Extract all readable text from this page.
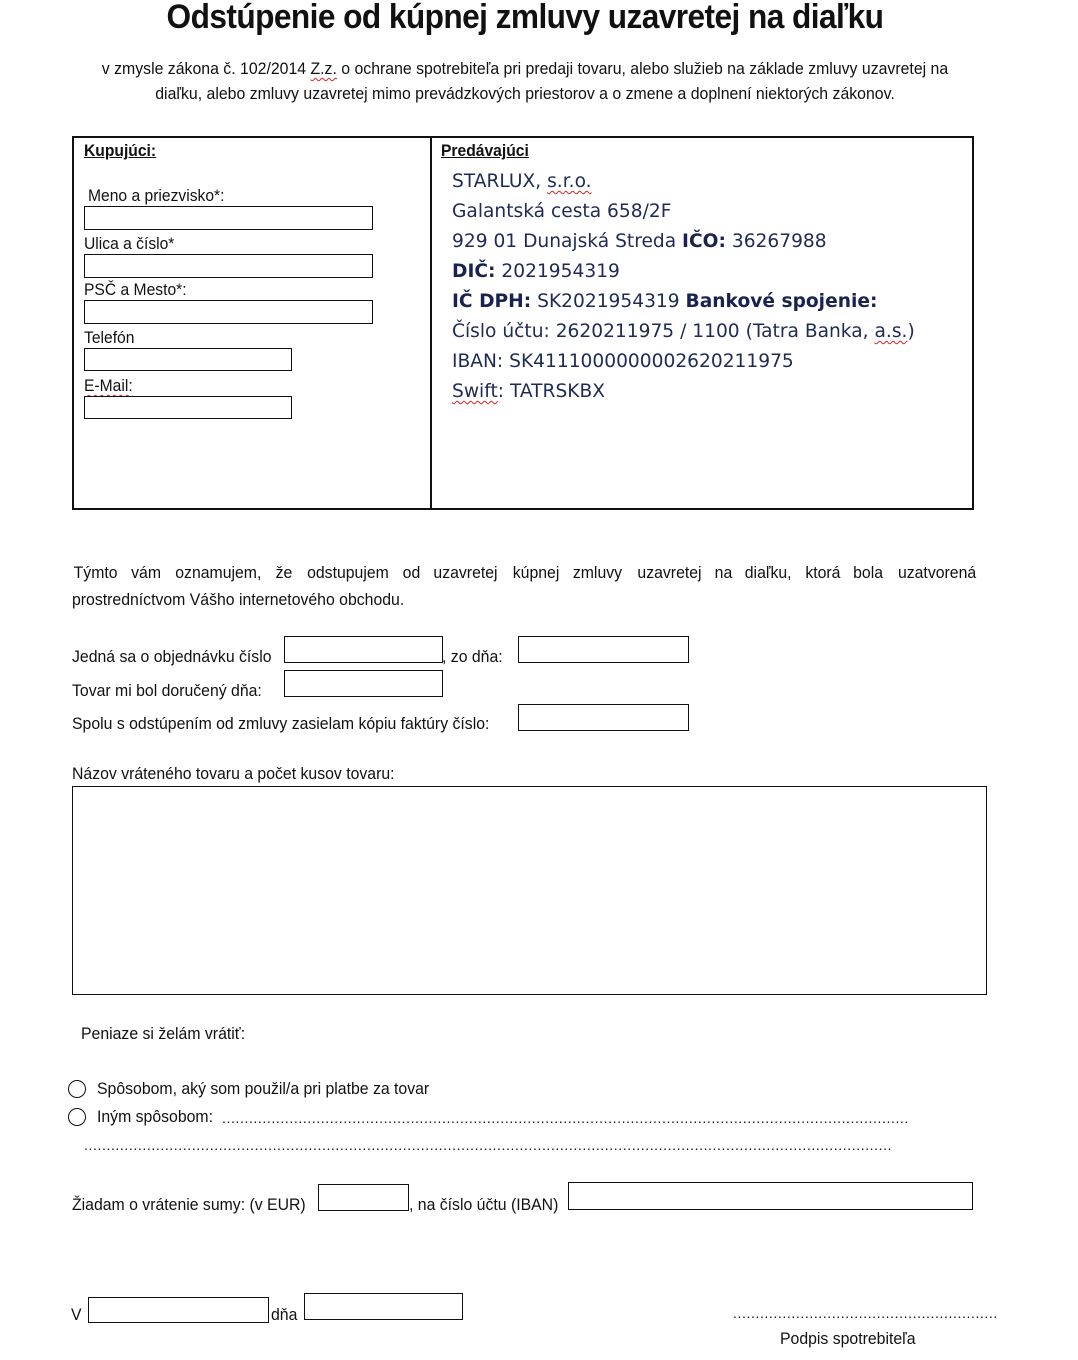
Odstúpenie od kúpnej zmluvy uzavretej na diaľku
v zmysle zákona č. 102/2014 Z.z. o ochrane spotrebiteľa pri predaji tovaru, alebo služieb na základe zmluvy uzavretej na
diaľku, alebo zmluvy uzavretej mimo prevádzkových priestorov a o zmene a doplnení niektorých zákonov.
Kupujúci:
Meno a priezvisko*:
Ulica a číslo*
PSČ a Mesto*:
Telefón
E-Mail:
Predávajúci
STARLUX, s.r.o.
Galantská cesta 658/2F
929 01 Dunajská Streda IČO: 36267988
DIČ: 2021954319
IČ DPH: SK2021954319 Bankové spojenie:
Číslo účtu: 2620211975 / 1100 (Tatra Banka, a.s.)
IBAN: SK4111000000002620211975
Swift: TATRSKBX
Týmto vám oznamujem, že odstupujem od uzavretej kúpnej zmluvy uzavretej na diaľku, ktorá bola uzatvorená
prostredníctvom Vášho internetového obchodu.
Jedná sa o objednávku číslo	, zo dňa:
Tovar mi bol doručený dňa:
Spolu s odstúpením od zmluvy zasielam kópiu faktúry číslo:
Názov vráteného tovaru a počet kusov tovaru:
Peniaze si želám vrátiť:
Spôsobom, aký som použil/a pri platbe za tovar
Iným spôsobom: .........................................................................................................................................................
....................................................................................................................................................................................
Žiadam o vrátenie sumy: (v EUR)	, na číslo účtu (IBAN)
V	dňa	...........................................................
Podpis spotrebiteľa
